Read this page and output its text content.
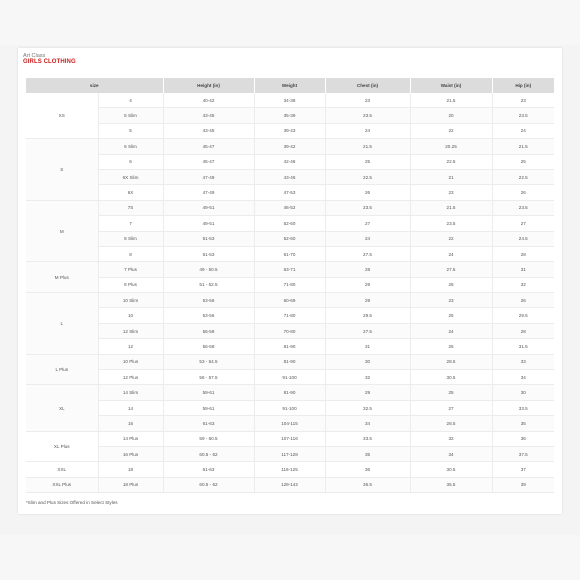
Art Class
GIRLS CLOTHING
size		Height (in)	Weight	Chest (in)	Waist (in)	Hip (in)
XS	4	40-42	34-38	23	21.5	23
	5 Slim	43-45	35-39	23.5	20	23.5
	5	43-45	39-43	24	22	24
S	6 Slim	45-47	39-42	21.5	20.25	21.5
	6	45-47	42-46	25	22.5	25
	6X Slim	47-49	43-46	22.5	21	22.5
	6X	47-49	47-53	26	23	26
M	7S	49-51	46-52	23.5	21.5	23.5
	7	49-51	52-60	27	23.5	27
	8 Slim	51-53	52-60	24	22	24.5
	8	51-53	61-70	27.5	24	28
M Plus	7 Plus	49 - 50.5	63-71	28	27.5	31
	8 Plus	51 - 52.5	71-80	29	28	32
L	10 Slim	53-56	60-69	29	23	26
	10	53-56	71-80	29.5	25	29.5
	12 Slim	56-58	70-80	27.5	24	28
	12	56-58	81-90	31	26	31.5
L Plus	10 Plus	53 - 54.5	81-90	30	28.5	33
	12 Plus	56 - 57.5	91-100	32	30.5	34
XL	14 Slim	59-61	81-90	29	25	30
	14	59-61	91-100	32.5	27	33.5
	16	61-63	104-115	34	28.5	35
XL Plus	14 Plus	59 - 60.5	107-116	33.5	32	36
	16 Plus	60.5 - 62	117-128	35	34	37.5
XXL	18	61-63	116-125	36	30.5	37
XXL Plus	18 Plus	60.5 - 62	129-142	36.5	35.5	39
*Slim and Plus Sizes Offered in Select Styles
